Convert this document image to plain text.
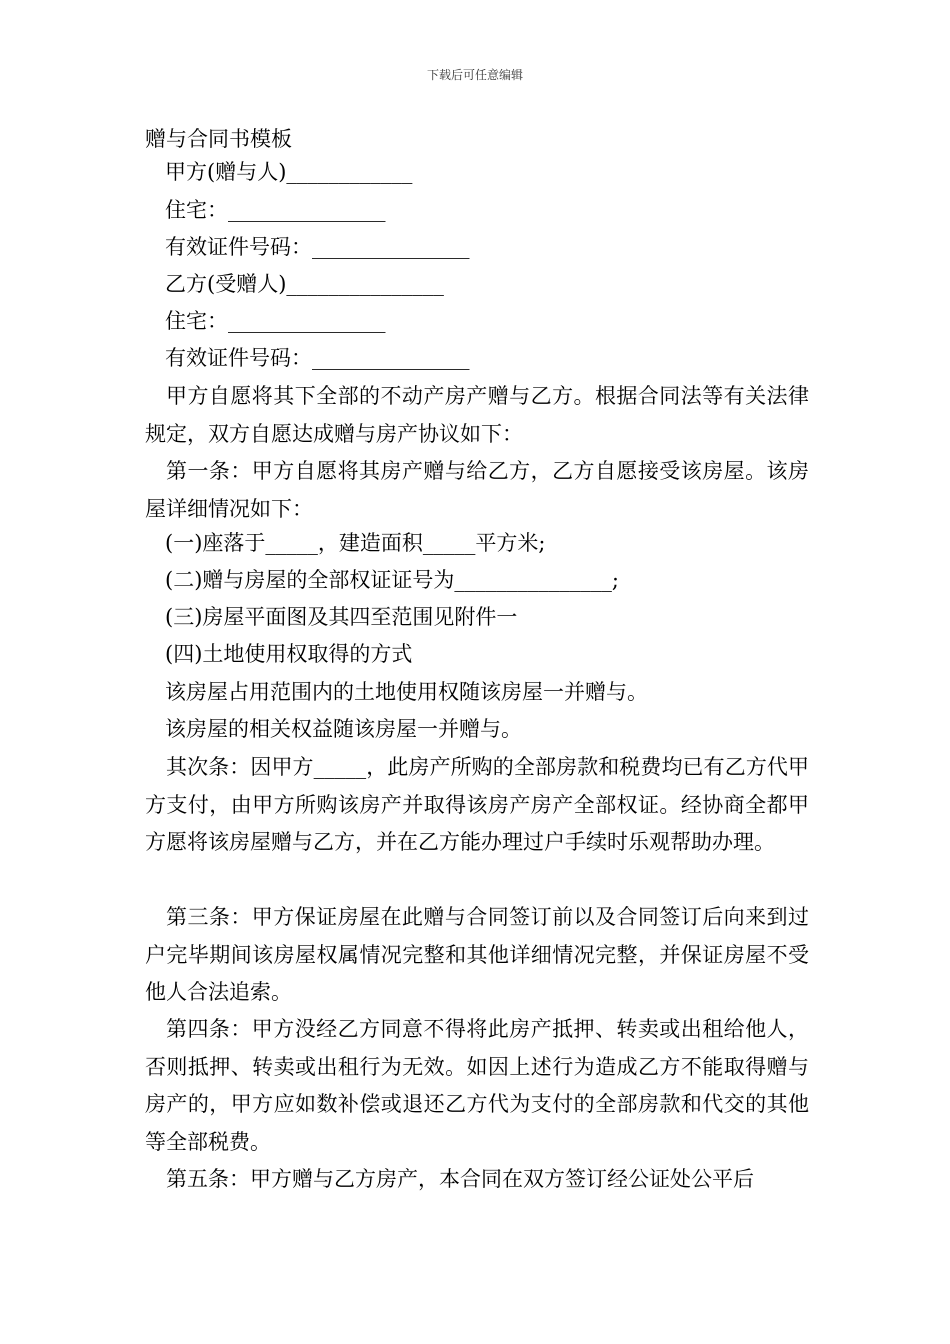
下载后可任意编辑
赠与合同书模板
甲方(赠与人)____________
住宅：_______________
有效证件号码：_______________
乙方(受赠人)_______________
住宅：_______________
有效证件号码：_______________
甲方自愿将其下全部的不动产房产赠与乙方。根据合同法等有关法律规定，双方自愿达成赠与房产协议如下：
第一条：甲方自愿将其房产赠与给乙方，乙方自愿接受该房屋。该房屋详细情况如下：
(一)座落于_____，建造面积_____平方米;
(二)赠与房屋的全部权证证号为_______________;
(三)房屋平面图及其四至范围见附件一
(四)土地使用权取得的方式
该房屋占用范围内的土地使用权随该房屋一并赠与。
该房屋的相关权益随该房屋一并赠与。
其次条：因甲方_____，此房产所购的全部房款和税费均已有乙方代甲方支付，由甲方所购该房产并取得该房产房产全部权证。经协商全都甲方愿将该房屋赠与乙方，并在乙方能办理过户手续时乐观帮助办理。
第三条：甲方保证房屋在此赠与合同签订前以及合同签订后向来到过户完毕期间该房屋权属情况完整和其他详细情况完整，并保证房屋不受他人合法追索。
第四条：甲方没经乙方同意不得将此房产抵押、转卖或出租给他人，否则抵押、转卖或出租行为无效。如因上述行为造成乙方不能取得赠与房产的，甲方应如数补偿或退还乙方代为支付的全部房款和代交的其他等全部税费。
第五条：甲方赠与乙方房产，本合同在双方签订经公证处公平后
